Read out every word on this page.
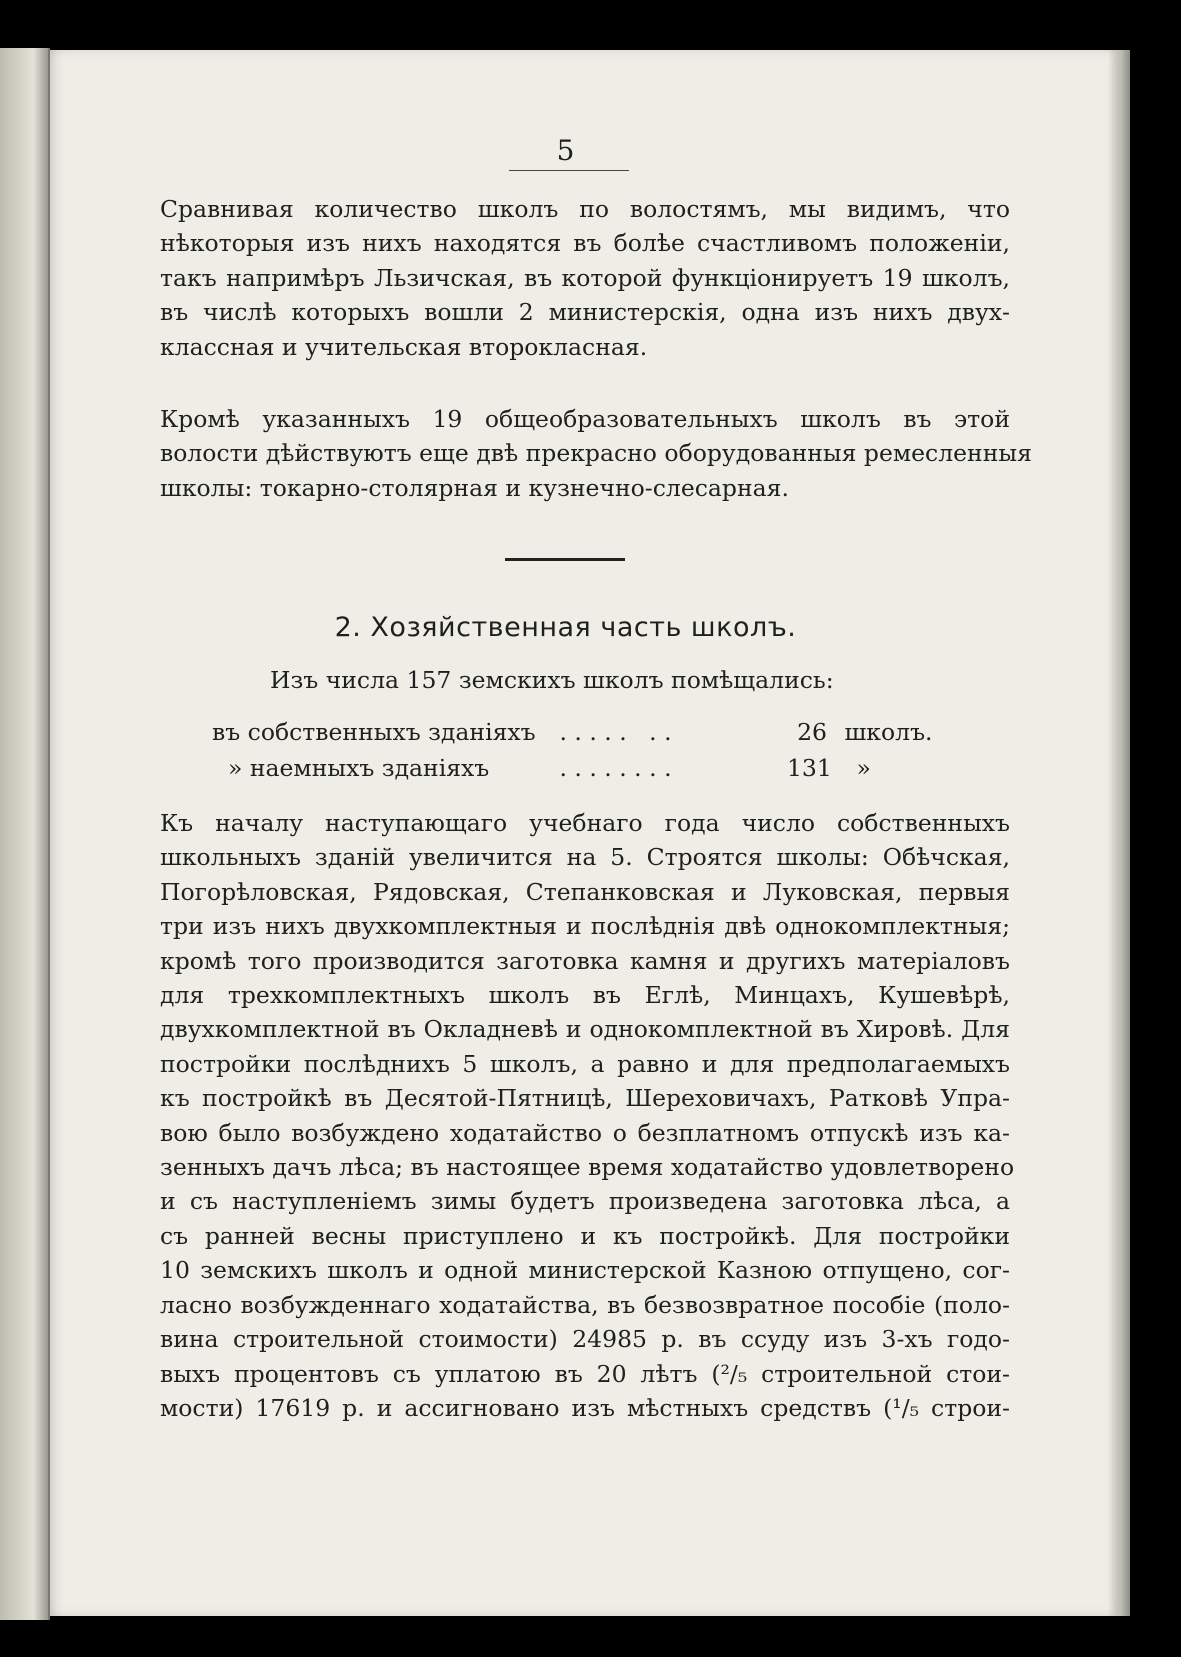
5
Сравнивая количество школъ по волостямъ, мы видимъ, что
нѣкоторыя изъ нихъ находятся въ болѣе счастливомъ положеніи,
такъ напримѣръ Льзичская, въ которой функціонируетъ 19 школъ,
въ числѣ которыхъ вошли 2 министерскія, одна изъ нихъ двух-
классная и учительская второкласная.
Кромѣ указанныхъ 19 общеобразовательныхъ школъ въ этой
волости дѣйствуютъ еще двѣ прекрасно оборудованныя ремесленныя
школы: токарно-столярная и кузнечно-слесарная.
2. Хозяйственная часть школъ.
Изъ числа 157 земскихъ школъ помѣщались:
въ собственныхъ зданіяхъ . . . . .   . .	26 школъ.
» наемныхъ зданіяхъ	. . . . . . . .	131 »
Къ началу наступающаго учебнаго года число собственныхъ
школьныхъ зданій увеличится на 5. Строятся школы: Обѣчская,
Погорѣловская, Рядовская, Степанковская и Луковская, первыя
три изъ нихъ двухкомплектныя и послѣднія двѣ однокомплектныя;
кромѣ того производится заготовка камня и другихъ матеріаловъ
для трехкомплектныхъ школъ въ Еглѣ, Минцахъ, Кушевѣрѣ,
двухкомплектной въ Окладневѣ и однокомплектной въ Хировѣ. Для
постройки послѣднихъ 5 школъ, а равно и для предполагаемыхъ
къ постройкѣ въ Десятой-Пятницѣ, Шереховичахъ, Ратковѣ Упра-
вою было возбуждено ходатайство о безплатномъ отпускѣ изъ ка-
зенныхъ дачъ лѣса; въ настоящее время ходатайство удовлетворено
и съ наступленіемъ зимы будетъ произведена заготовка лѣса, а
съ ранней весны приступлено и къ постройкѣ. Для постройки
10 земскихъ школъ и одной министерской Казною отпущено, сог-
ласно возбужденнаго ходатайства, въ безвозвратное пособіе (поло-
вина строительной стоимости) 24985 р. въ ссуду изъ 3-хъ годо-
выхъ процентовъ съ уплатою въ 20 лѣтъ (²/₅ строительной стои-
мости) 17619 р. и ассигновано изъ мѣстныхъ средствъ (¹/₅ строи-
